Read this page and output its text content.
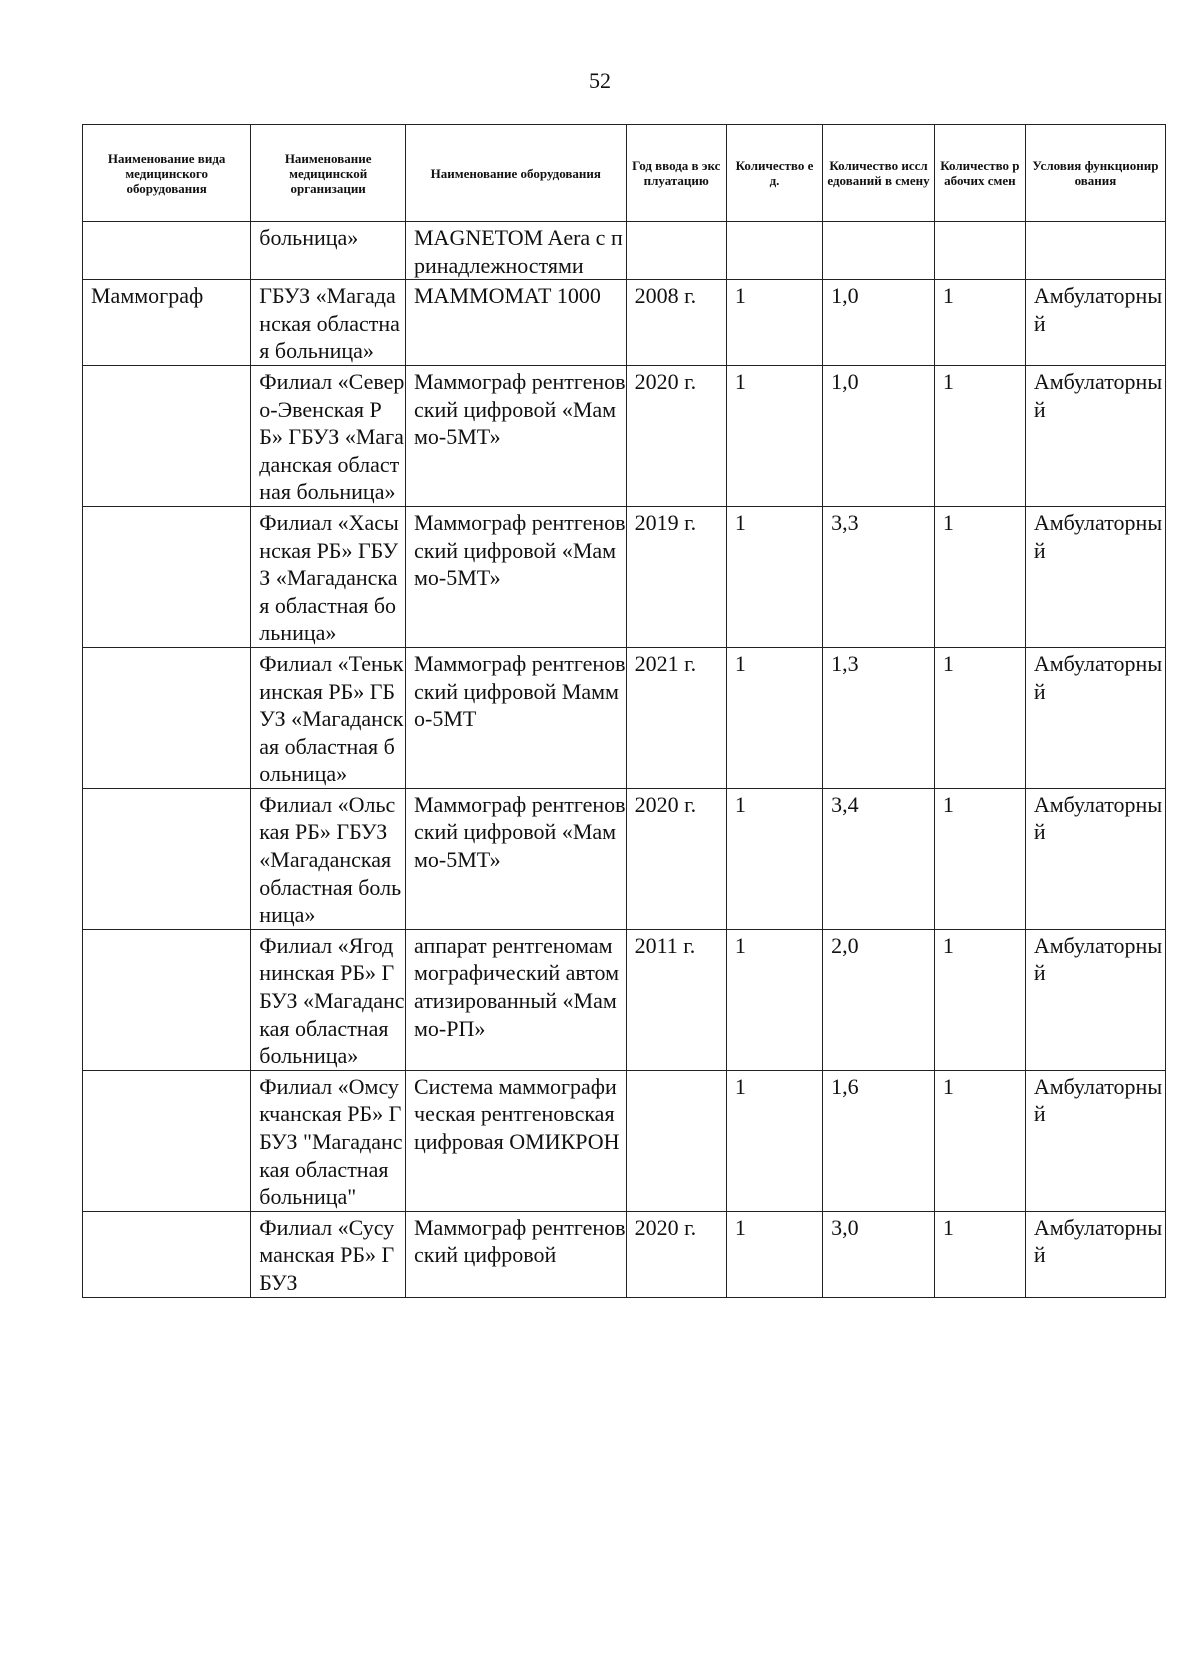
52
Наименование вида медицинского оборудования	Наименование медицинской организации	Наименование оборудования	Год ввода в эксплуатацию	Количество ед.	Количество исследований в смену	Количество рабочих смен	Условия функционирования
	больница»	MAGNETOM Aera с принадлежностями					
Маммограф	ГБУЗ «Магаданская областная больница»	МАММОМАТ 1000	2008 г.	1	1,0	1	Амбулаторный
	Филиал «Северо-Эвенская РБ» ГБУЗ «Магаданская областная больница»	Маммограф рентгеновский цифровой «Маммо-5МТ»	2020 г.	1	1,0	1	Амбулаторный
	Филиал «Хасынская РБ» ГБУЗ «Магаданская областная больница»	Маммограф рентгеновский цифровой «Маммо-5МТ»	2019 г.	1	3,3	1	Амбулаторный
	Филиал «Тенькинская РБ» ГБУЗ «Магаданская областная больница»	Маммограф рентгеновский цифровой Маммо-5МТ	2021 г.	1	1,3	1	Амбулаторный
	Филиал «Ольская РБ» ГБУЗ «Магаданская областная больница»	Маммограф рентгеновский цифровой «Маммо-5МТ»	2020 г.	1	3,4	1	Амбулаторный
	Филиал «Ягоднинская РБ» ГБУЗ «Магаданская областная больница»	аппарат рентгеномаммографический автоматизированный «Маммо-РП»	2011 г.	1	2,0	1	Амбулаторный
	Филиал «Омсукчанская РБ» ГБУЗ "Магаданская областная больница"	Система маммографическая рентгеновская цифровая ОМИКРОН		1	1,6	1	Амбулаторный
	Филиал «Сусуманская РБ» ГБУЗ	Маммограф рентгеновский цифровой	2020 г.	1	3,0	1	Амбулаторный
